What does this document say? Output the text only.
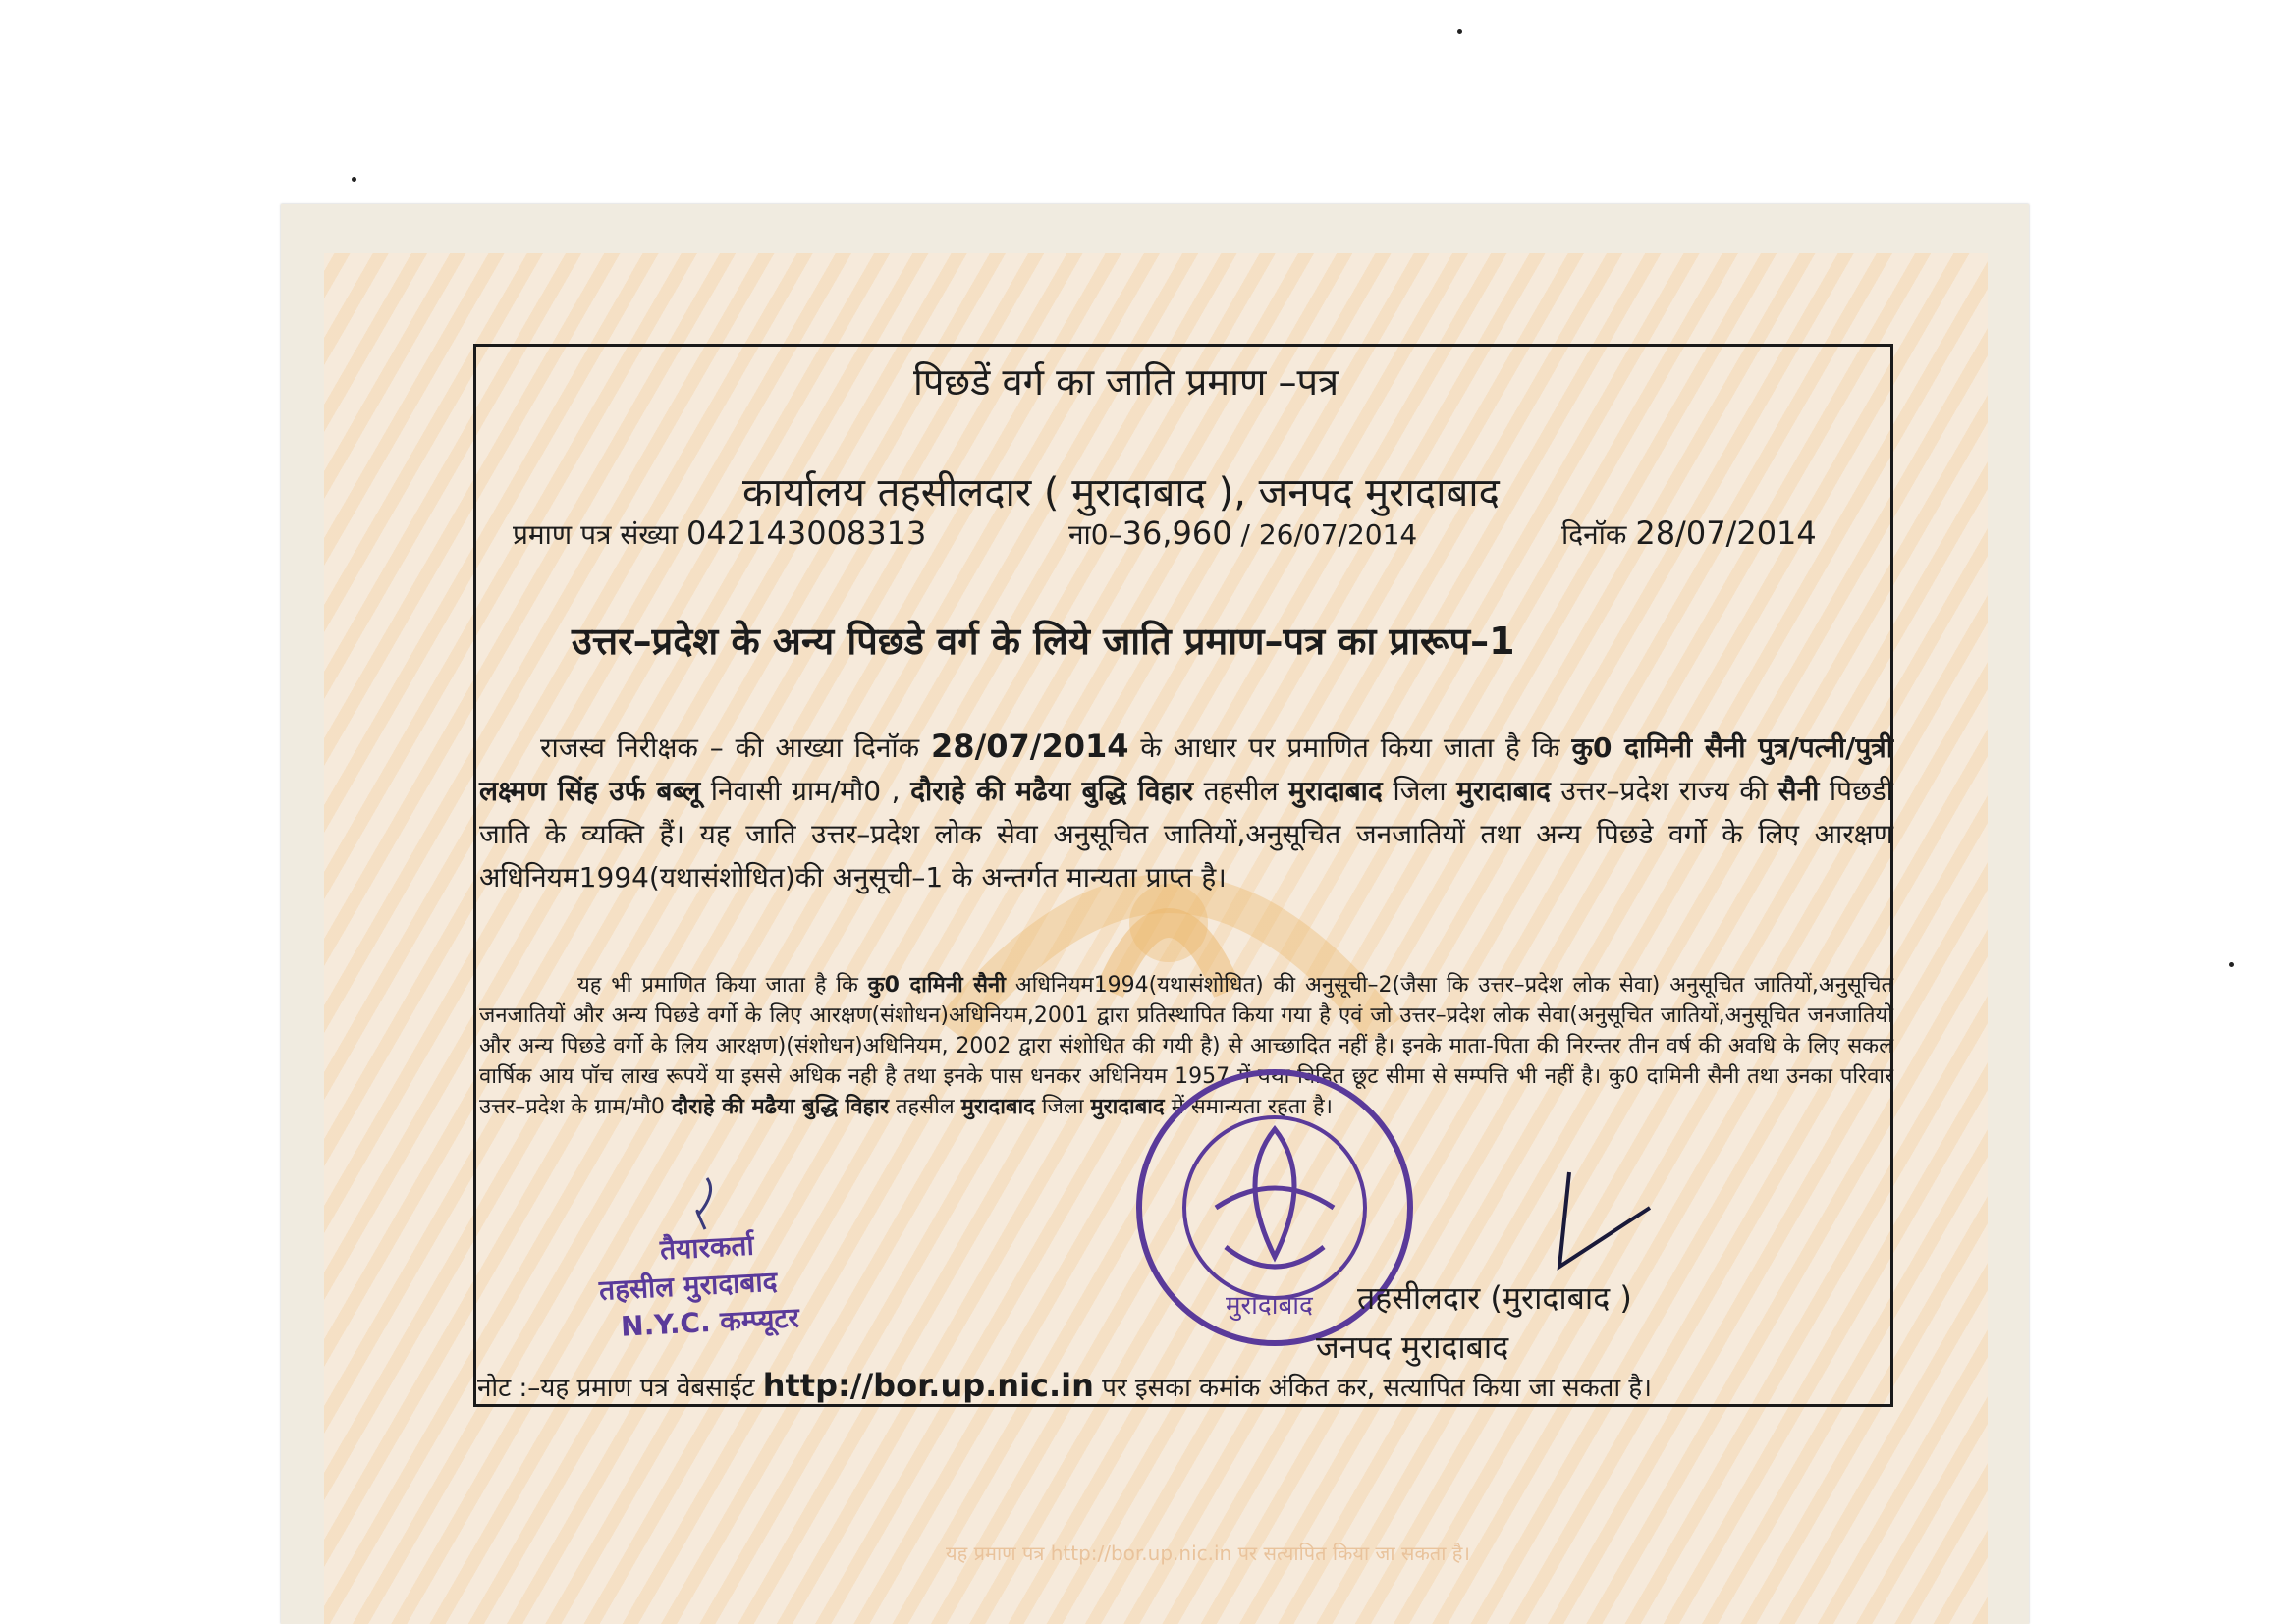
यह प्रमाण पत्र http://bor.up.nic.in पर सत्यापित किया जा सकता है।
पिछडें वर्ग का जाति प्रमाण –पत्र
कार्यालय तहसीलदार ( मुरादाबाद ), जनपद मुरादाबाद
प्रमाण पत्र संख्या 042143008313	ना0–36,960 / 26/07/2014	दिनॉक 28/07/2014
उत्तर–प्रदेश के अन्य पिछडे वर्ग के लिये जाति प्रमाण–पत्र का प्रारूप–1
राजस्व निरीक्षक – की आख्या दिनॉक 28/07/2014 के आधार पर प्रमाणित किया जाता है कि कु0 दामिनी सैनी पुत्र/पत्नी/पुत्री लक्ष्मण सिंह उर्फ बब्लू निवासी ग्राम/मौ0 , दौराहे की मढैया बुद्धि विहार तहसील मुरादाबाद जिला मुरादाबाद उत्तर–प्रदेश राज्य की सैनी पिछडी जाति के व्यक्ति हैं। यह जाति उत्तर–प्रदेश लोक सेवा अनुसूचित जातियों,अनुसूचित जनजातियों तथा अन्य पिछडे वर्गो के लिए आरक्षण अधिनियम1994(यथासंशोधित)की अनुसूची–1 के अन्तर्गत मान्यता प्राप्त है।
यह भी प्रमाणित किया जाता है कि कु0 दामिनी सैनी अधिनियम1994(यथासंशोधित) की अनुसूची–2(जैसा कि उत्तर–प्रदेश लोक सेवा) अनुसूचित जातियों,अनुसूचित जनजातियों और अन्य पिछडे वर्गो के लिए आरक्षण(संशोधन)अधिनियम,2001 द्वारा प्रतिस्थापित किया गया है एवं जो उत्तर–प्रदेश लोक सेवा(अनुसूचित जातियों,अनुसूचित जनजातियों और अन्य पिछडे वर्गो के लिय आरक्षण)(संशोधन)अधिनियम, 2002 द्वारा संशोधित की गयी है) से आच्छादित नहीं है। इनके माता-पिता की निरन्तर तीन वर्ष की अवधि के लिए सकल वार्षिक आय पॉच लाख रूपयें या इससे अधिक नही है तथा इनके पास धनकर अधिनियम 1957 में यथा विहित छूट सीमा से सम्पत्ति भी नहीं है। कु0 दामिनी सैनी तथा उनका परिवार उत्तर–प्रदेश के ग्राम/मौ0 दौराहे की मढैया बुद्धि विहार तहसील मुरादाबाद जिला मुरादाबाद में समान्यता रहता है।
मुरादाबाद
तैयारकर्ता
तहसील मुरादाबाद
N.Y.C. कम्प्यूटर
तहसीलदार (मुरादाबाद )
जनपद मुरादाबाद
नोट :–यह प्रमाण पत्र वेबसाईट http://bor.up.nic.in पर इसका कमांक अंकित कर, सत्यापित किया जा सकता है।
